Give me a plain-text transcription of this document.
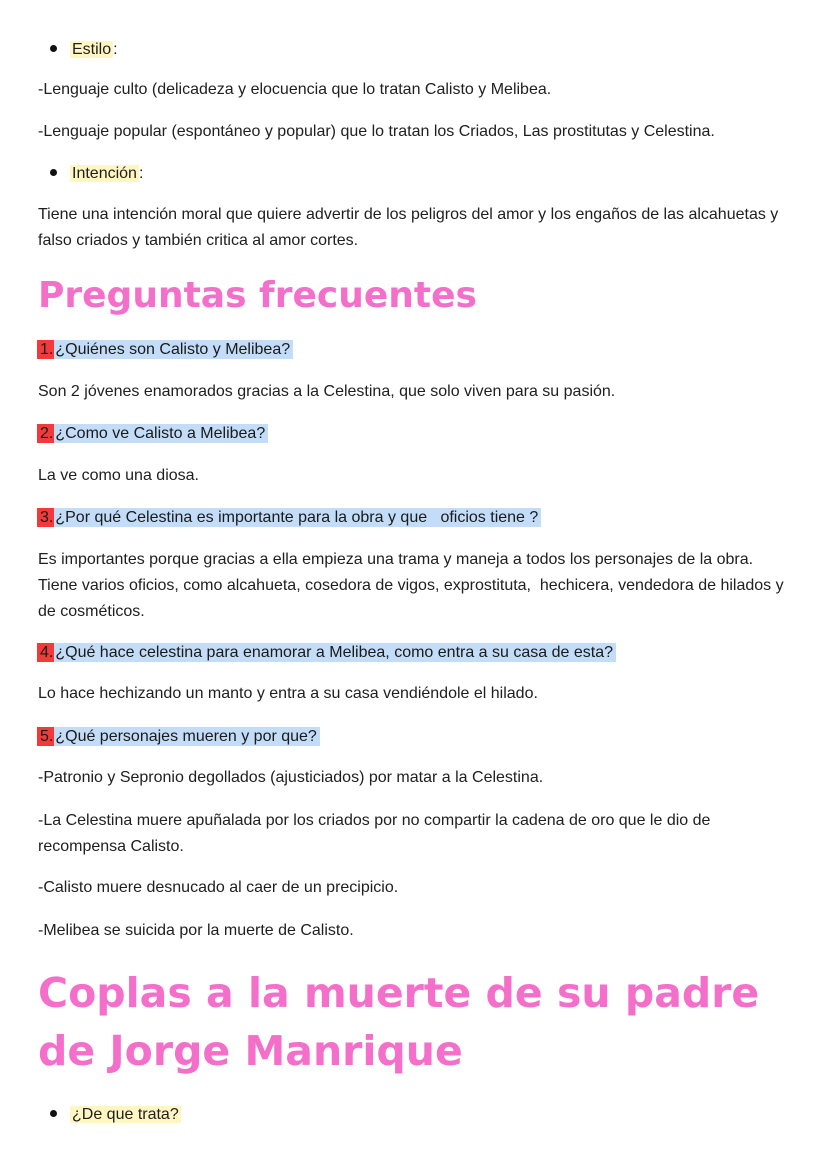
Estilo :
-Lenguaje culto (delicadeza y elocuencia que lo tratan Calisto y Melibea.
-Lenguaje popular (espontáneo y popular) que lo tratan los Criados, Las prostitutas y Celestina.
Intención :
Tiene una intención moral que quiere advertir de los peligros del amor y los engaños de las alcahuetas y falso criados y también critica al amor cortes.
Preguntas frecuentes
1. ¿Quiénes son Calisto y Melibea?
Son 2 jóvenes enamorados gracias a la Celestina, que solo viven para su pasión.
2. ¿Como ve Calisto a Melibea?
La ve como una diosa.
3. ¿Por qué Celestina es importante para la obra y que   oficios tiene ?
Es importantes porque gracias a ella empieza una trama y maneja a todos los personajes de la obra. Tiene varios oficios, como alcahueta, cosedora de vigos, exprostituta,  hechicera, vendedora de hilados y de cosméticos.
4. ¿Qué hace celestina para enamorar a Melibea, como entra a su casa de esta?
Lo hace hechizando un manto y entra a su casa vendiéndole el hilado.
5. ¿Qué personajes mueren y por que?
-Patronio y Sepronio degollados (ajusticiados) por matar a la Celestina.
-La Celestina muere apuñalada por los criados por no compartir la cadena de oro que le dio de recompensa Calisto.
-Calisto muere desnucado al caer de un precipicio.
-Melibea se suicida por la muerte de Calisto.
Coplas a la muerte de su padre de Jorge Manrique
¿De que trata?
